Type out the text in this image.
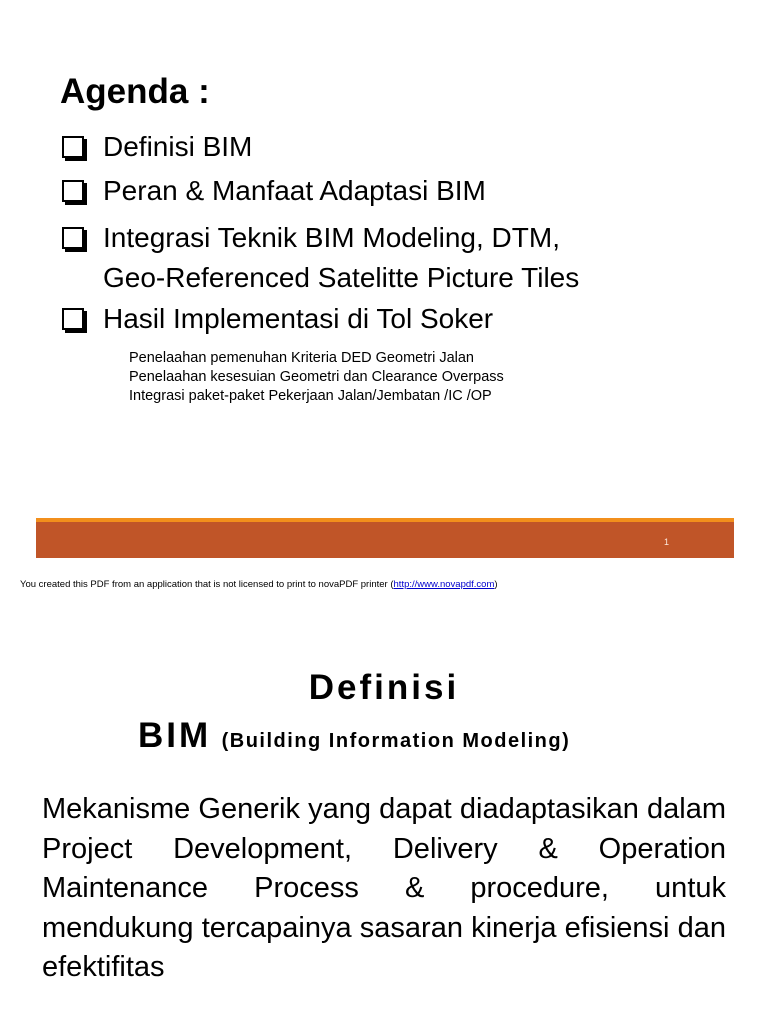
Agenda :
Definisi BIM
Peran & Manfaat Adaptasi BIM
Integrasi Teknik BIM Modeling, DTM,
Geo-Referenced Satelitte Picture Tiles
Hasil Implementasi di Tol Soker
Penelaahan pemenuhan Kriteria DED Geometri Jalan
Penelaahan kesesuian Geometri dan Clearance Overpass
Integrasi paket-paket Pekerjaan Jalan/Jembatan /IC /OP
1
You created this PDF from an application that is not licensed to print to novaPDF printer (http://www.novapdf.com)
Definisi
BIM (Building Information Modeling)
Mekanisme Generik yang dapat diadaptasikan dalam Project Development, Delivery & Operation Maintenance Process & procedure, untuk mendukung tercapainya sasaran kinerja efisiensi dan efektifitas
